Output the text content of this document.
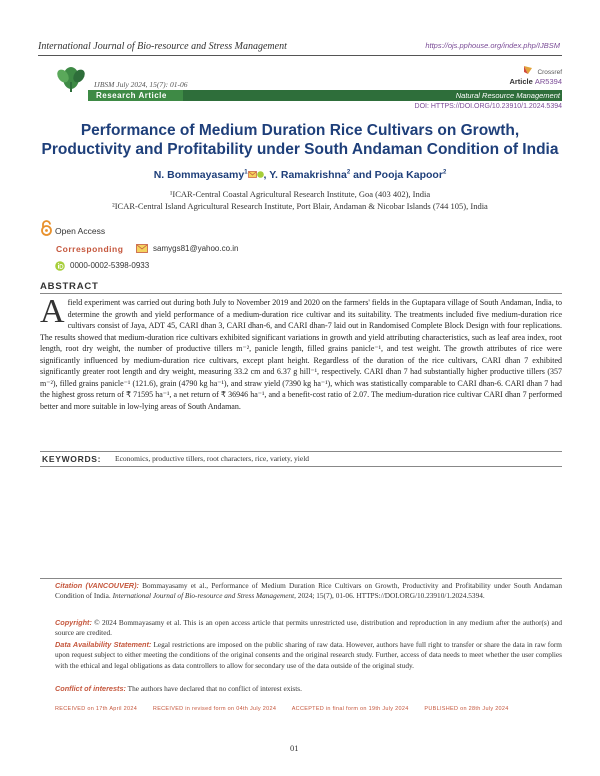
International Journal of Bio-resource and Stress Management	https://ojs.pphouse.org/index.php/IJBSM
IJBSM July 2024, 15(7): 01-06
Crossref
Article AR5394
Research Article	Natural Resource Management
DOI: HTTPS://DOI.ORG/10.23910/1.2024.5394
Performance of Medium Duration Rice Cultivars on Growth, Productivity and Profitability under South Andaman Condition of India
N. Bommayasamy$^1$ , Y. Ramakrishna$^2$ and Pooja Kapoor$^2$
¹ICAR-Central Coastal Agricultural Research Institute, Goa (403 402), India
²ICAR-Central Island Agricultural Research Institute, Port Blair, Andaman & Nicobar Islands (744 105), India
Open Access
Corresponding	samygs81@yahoo.co.in
0000-0002-5398-0933
ABSTRACT
A field experiment was carried out during both July to November 2019 and 2020 on the farmers' fields in the Guptapara village of South Andaman, India, to determine the growth and yield performance of a medium-duration rice cultivar and its suitability. The treatments included five medium-duration rice cultivars consist of Jaya, ADT 45, CARI dhan 3, CARI dhan-6, and CARI dhan-7 laid out in Randomised Complete Block Design with four replications. The results showed that medium-duration rice cultivars exhibited significant variations in growth and yield attributing characteristics, such as leaf area index, root length, root dry weight, the number of productive tillers m⁻², panicle length, filled grains panicle⁻¹, and test weight. The growth attributes of rice were significantly influenced by medium-duration rice cultivars, except plant height. Regardless of the duration of the rice cultivars, CARI dhan 7 exhibited significantly greater root length and dry weight, measuring 33.2 cm and 6.37 g hill⁻¹, respectively. CARI dhan 7 had substantially higher productive tillers (357 m⁻²), filled grains panicle⁻¹ (121.6), grain (4790 kg ha⁻¹), and straw yield (7390 kg ha⁻¹), which was statistically comparable to CARI dhan-6. CARI dhan 7 had the highest gross return of ₹ 71595 ha⁻¹, a net return of ₹ 36946 ha⁻¹, and a benefit-cost ratio of 2.07. The medium-duration rice cultivar CARI dhan 7 performed better and more suitable in low-lying areas of South Andaman.
KEYWORDS: Economics, productive tillers, root characters, rice, variety, yield
Citation (VANCOUVER): Bommayasamy et al., Performance of Medium Duration Rice Cultivars on Growth, Productivity and Profitability under South Andaman Condition of India. International Journal of Bio-resource and Stress Management, 2024; 15(7), 01-06. HTTPS://DOI.ORG/10.23910/1.2024.5394.
Copyright: © 2024 Bommayasamy et al. This is an open access article that permits unrestricted use, distribution and reproduction in any medium after the author(s) and source are credited.
Data Availability Statement: Legal restrictions are imposed on the public sharing of raw data. However, authors have full right to transfer or share the data in raw form upon request subject to either meeting the conditions of the original consents and the original research study. Further, access of data needs to meet whether the user complies with the ethical and legal obligations as data controllers to allow for secondary use of the data outside of the original study.
Conflict of interests: The authors have declared that no conflict of interest exists.
RECEIVED on 17th April 2024	RECEIVED in revised form on 04th July 2024	ACCEPTED in final form on 19th July 2024	PUBLISHED on 28th July 2024
01
